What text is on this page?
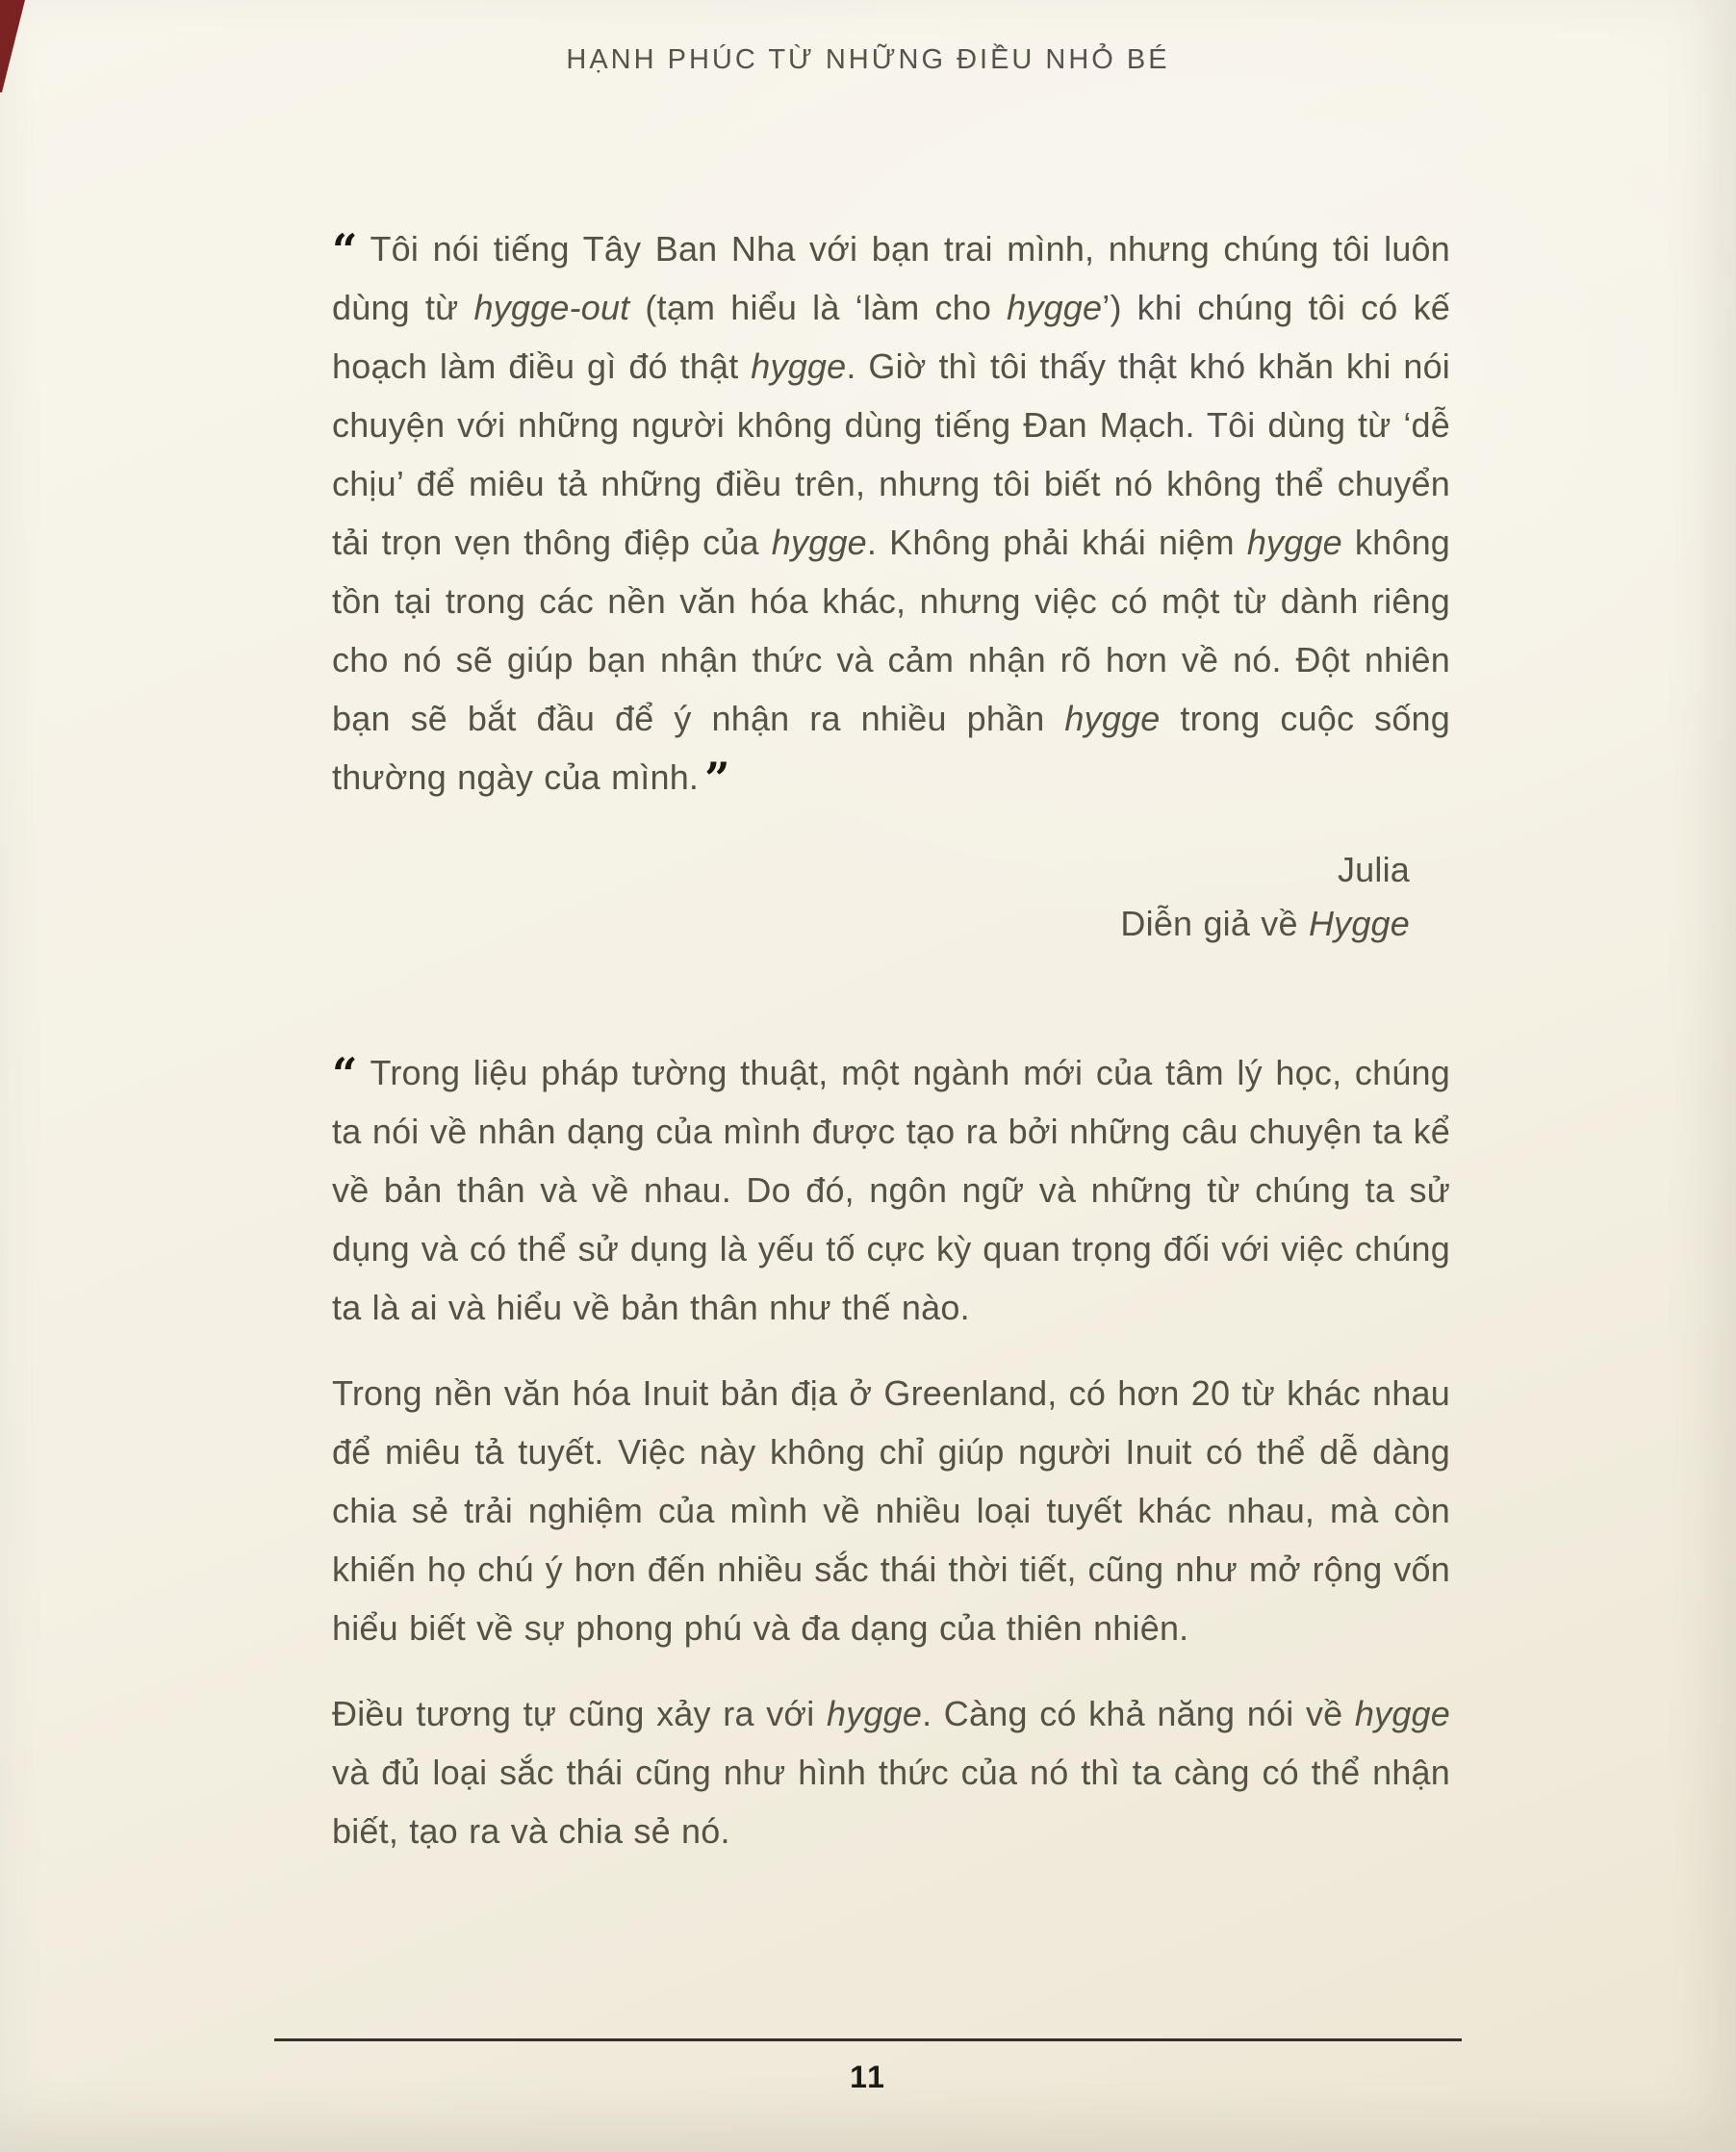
HẠNH PHÚC TỪ NHỮNG ĐIỀU NHỎ BÉ

“ Tôi nói tiếng Tây Ban Nha với bạn trai mình, nhưng chúng tôi luôn dùng từ hygge-out (tạm hiểu là ‘làm cho hygge’) khi chúng tôi có kế hoạch làm điều gì đó thật hygge. Giờ thì tôi thấy thật khó khăn khi nói chuyện với những người không dùng tiếng Đan Mạch. Tôi dùng từ ‘dễ chịu’ để miêu tả những điều trên, nhưng tôi biết nó không thể chuyển tải trọn vẹn thông điệp của hygge. Không phải khái niệm hygge không tồn tại trong các nền văn hóa khác, nhưng việc có một từ dành riêng cho nó sẽ giúp bạn nhận thức và cảm nhận rõ hơn về nó. Đột nhiên bạn sẽ bắt đầu để ý nhận ra nhiều phần hygge trong cuộc sống thường ngày của mình. ”

Julia
Diễn giả về Hygge

“ Trong liệu pháp tường thuật, một ngành mới của tâm lý học, chúng ta nói về nhân dạng của mình được tạo ra bởi những câu chuyện ta kể về bản thân và về nhau. Do đó, ngôn ngữ và những từ chúng ta sử dụng và có thể sử dụng là yếu tố cực kỳ quan trọng đối với việc chúng ta là ai và hiểu về bản thân như thế nào.

Trong nền văn hóa Inuit bản địa ở Greenland, có hơn 20 từ khác nhau để miêu tả tuyết. Việc này không chỉ giúp người Inuit có thể dễ dàng chia sẻ trải nghiệm của mình về nhiều loại tuyết khác nhau, mà còn khiến họ chú ý hơn đến nhiều sắc thái thời tiết, cũng như mở rộng vốn hiểu biết về sự phong phú và đa dạng của thiên nhiên.

Điều tương tự cũng xảy ra với hygge. Càng có khả năng nói về hygge và đủ loại sắc thái cũng như hình thức của nó thì ta càng có thể nhận biết, tạo ra và chia sẻ nó.

11
